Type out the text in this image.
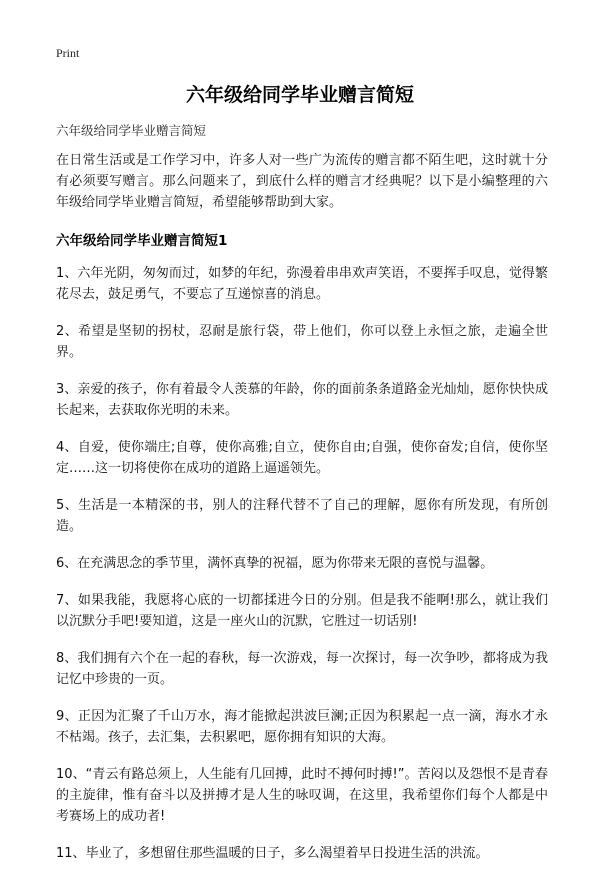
Print
六年级给同学毕业赠言简短
六年级给同学毕业赠言简短

在日常生活或是工作学习中，许多人对一些广为流传的赠言都不陌生吧，这时就十分有必须要写赠言。那么问题来了，到底什么样的赠言才经典呢？以下是小编整理的六年级给同学毕业赠言简短，希望能够帮助到大家。

六年级给同学毕业赠言简短1

1、六年光阴，匆匆而过，如梦的年纪，弥漫着串串欢声笑语，不要挥手叹息，觉得繁花尽去，鼓足勇气，不要忘了互递惊喜的消息。

2、希望是坚韧的拐杖，忍耐是旅行袋，带上他们，你可以登上永恒之旅，走遍全世界。

3、亲爱的孩子，你有着最令人羡慕的年龄，你的面前条条道路金光灿灿，愿你快快成长起来，去获取你光明的未来。

4、自爱，使你端庄;自尊，使你高雅;自立，使你自由;自强，使你奋发;自信，使你坚定……这一切将使你在成功的道路上逼遥领先。

5、生活是一本精深的书，别人的注释代替不了自己的理解，愿你有所发现，有所创造。

6、在充满思念的季节里，满怀真挚的祝福，愿为你带来无限的喜悦与温馨。

7、如果我能，我愿将心底的一切都揉进今日的分别。但是我不能啊!那么，就让我们以沉默分手吧!要知道，这是一座火山的沉默，它胜过一切话别!

8、我们拥有六个在一起的春秋，每一次游戏，每一次探讨，每一次争吵，都将成为我记忆中珍贵的一页。

9、正因为汇聚了千山万水，海才能掀起洪波巨澜;正因为积累起一点一滴，海水才永不枯竭。孩子，去汇集，去积累吧，愿你拥有知识的大海。

10、“青云有路总须上，人生能有几回搏，此时不搏何时搏!”。苦闷以及怨恨不是青春的主旋律，惟有奋斗以及拼搏才是人生的咏叹调，在这里，我希望你们每个人都是中考赛场上的成功者!

11、毕业了，多想留住那些温暖的日子，多么渴望着早日投进生活的洪流。
